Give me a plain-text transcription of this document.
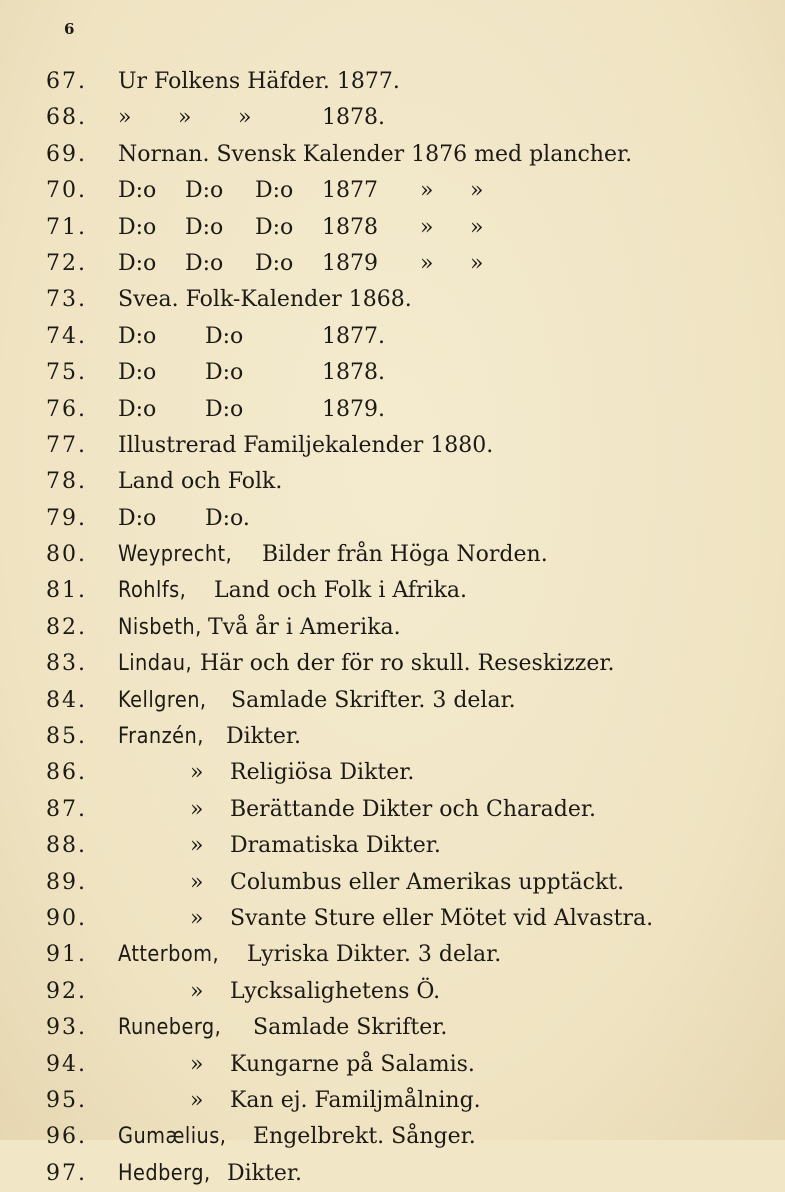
6
67. Ur Folkens Häfder. 1877.
68. » » »	1878.
69. Nornan. Svensk Kalender 1876 med plancher.
70. D:o D:o D:o 1877 » »
71. D:o D:o D:o 1878 » »
72. D:o D:o D:o 1879 » »
73. Svea. Folk-Kalender 1868.
74. D:o D:o	1877.
75. D:o D:o	1878.
76. D:o D:o	1879.
77. Illustrerad Familjekalender 1880.
78. Land och Folk.
79. D:o D:o.
80. Weyprecht, Bilder från Höga Norden.
81. Rohlfs, Land och Folk i Afrika.
82. Nisbeth, Två år i Amerika.
83. Lindau, Här och der för ro skull. Reseskizzer.
84. Kellgren, Samlade Skrifter. 3 delar.
85. Franzén, Dikter.
86.	» Religiösa Dikter.
87.	» Berättande Dikter och Charader.
88.	» Dramatiska Dikter.
89.	» Columbus eller Amerikas upptäckt.
90.	» Svante Sture eller Mötet vid Alvastra.
91. Atterbom, Lyriska Dikter. 3 delar.
92.	» Lycksalighetens Ö.
93. Runeberg, Samlade Skrifter.
94.	» Kungarne på Salamis.
95.	» Kan ej. Familjmålning.
96. Gumælius, Engelbrekt. Sånger.
97. Hedberg, Dikter.
